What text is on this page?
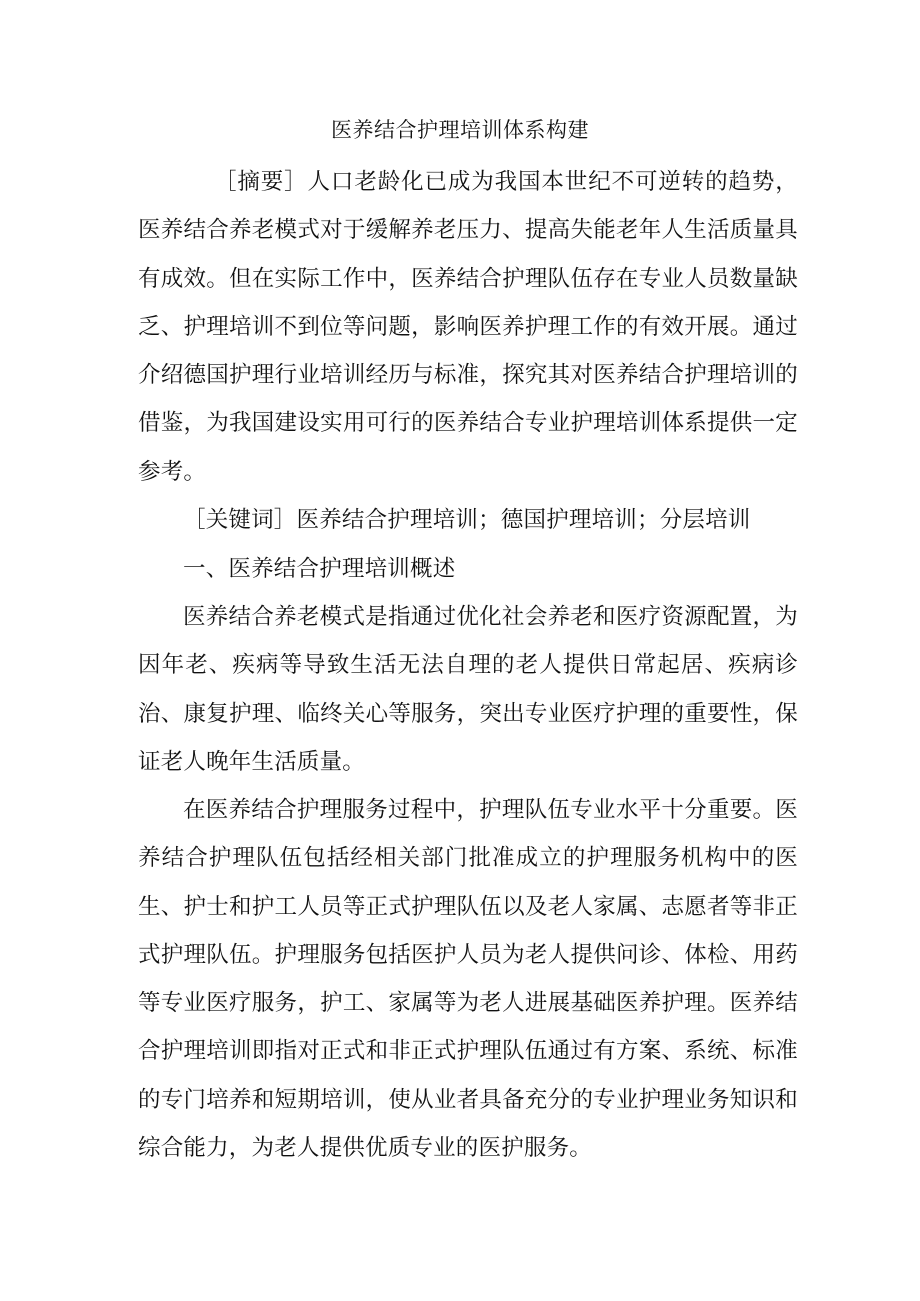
医养结合护理培训体系构建

［摘要］人口老龄化已成为我国本世纪不可逆转的趋势，医养结合养老模式对于缓解养老压力、提高失能老年人生活质量具有成效。但在实际工作中，医养结合护理队伍存在专业人员数量缺乏、护理培训不到位等问题，影响医养护理工作的有效开展。通过介绍德国护理行业培训经历与标准，探究其对医养结合护理培训的借鉴，为我国建设实用可行的医养结合专业护理培训体系提供一定参考。

［关键词］医养结合护理培训；德国护理培训；分层培训

一、医养结合护理培训概述

医养结合养老模式是指通过优化社会养老和医疗资源配置，为因年老、疾病等导致生活无法自理的老人提供日常起居、疾病诊治、康复护理、临终关心等服务，突出专业医疗护理的重要性，保证老人晚年生活质量。

在医养结合护理服务过程中，护理队伍专业水平十分重要。医养结合护理队伍包括经相关部门批准成立的护理服务机构中的医生、护士和护工人员等正式护理队伍以及老人家属、志愿者等非正式护理队伍。护理服务包括医护人员为老人提供问诊、体检、用药等专业医疗服务，护工、家属等为老人进展基础医养护理。医养结合护理培训即指对正式和非正式护理队伍通过有方案、系统、标准的专门培养和短期培训，使从业者具备充分的专业护理业务知识和综合能力，为老人提供优质专业的医护服务。
